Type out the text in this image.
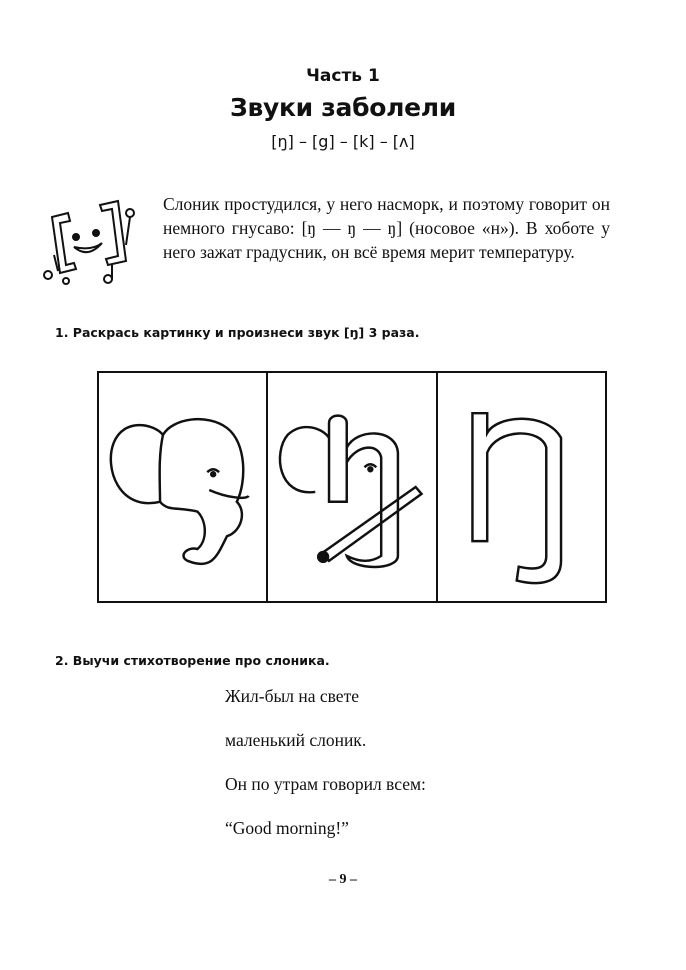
Часть 1
Звуки заболели
[ŋ] – [g] – [k] – [ʌ]
Слоник простудился, у него насморк, и поэтому говорит он немного гнусаво: [ŋ — ŋ — ŋ] (носовое «н»). В хоботе у него зажат градусник, он всё время мерит температуру.
1. Раскрась картинку и произнеси звук [ŋ] 3 раза.
2. Выучи стихотворение про слоника.
Жил-был на свете
маленький слоник.
Он по утрам говорил всем:
“Good morning!”
– 9 –
